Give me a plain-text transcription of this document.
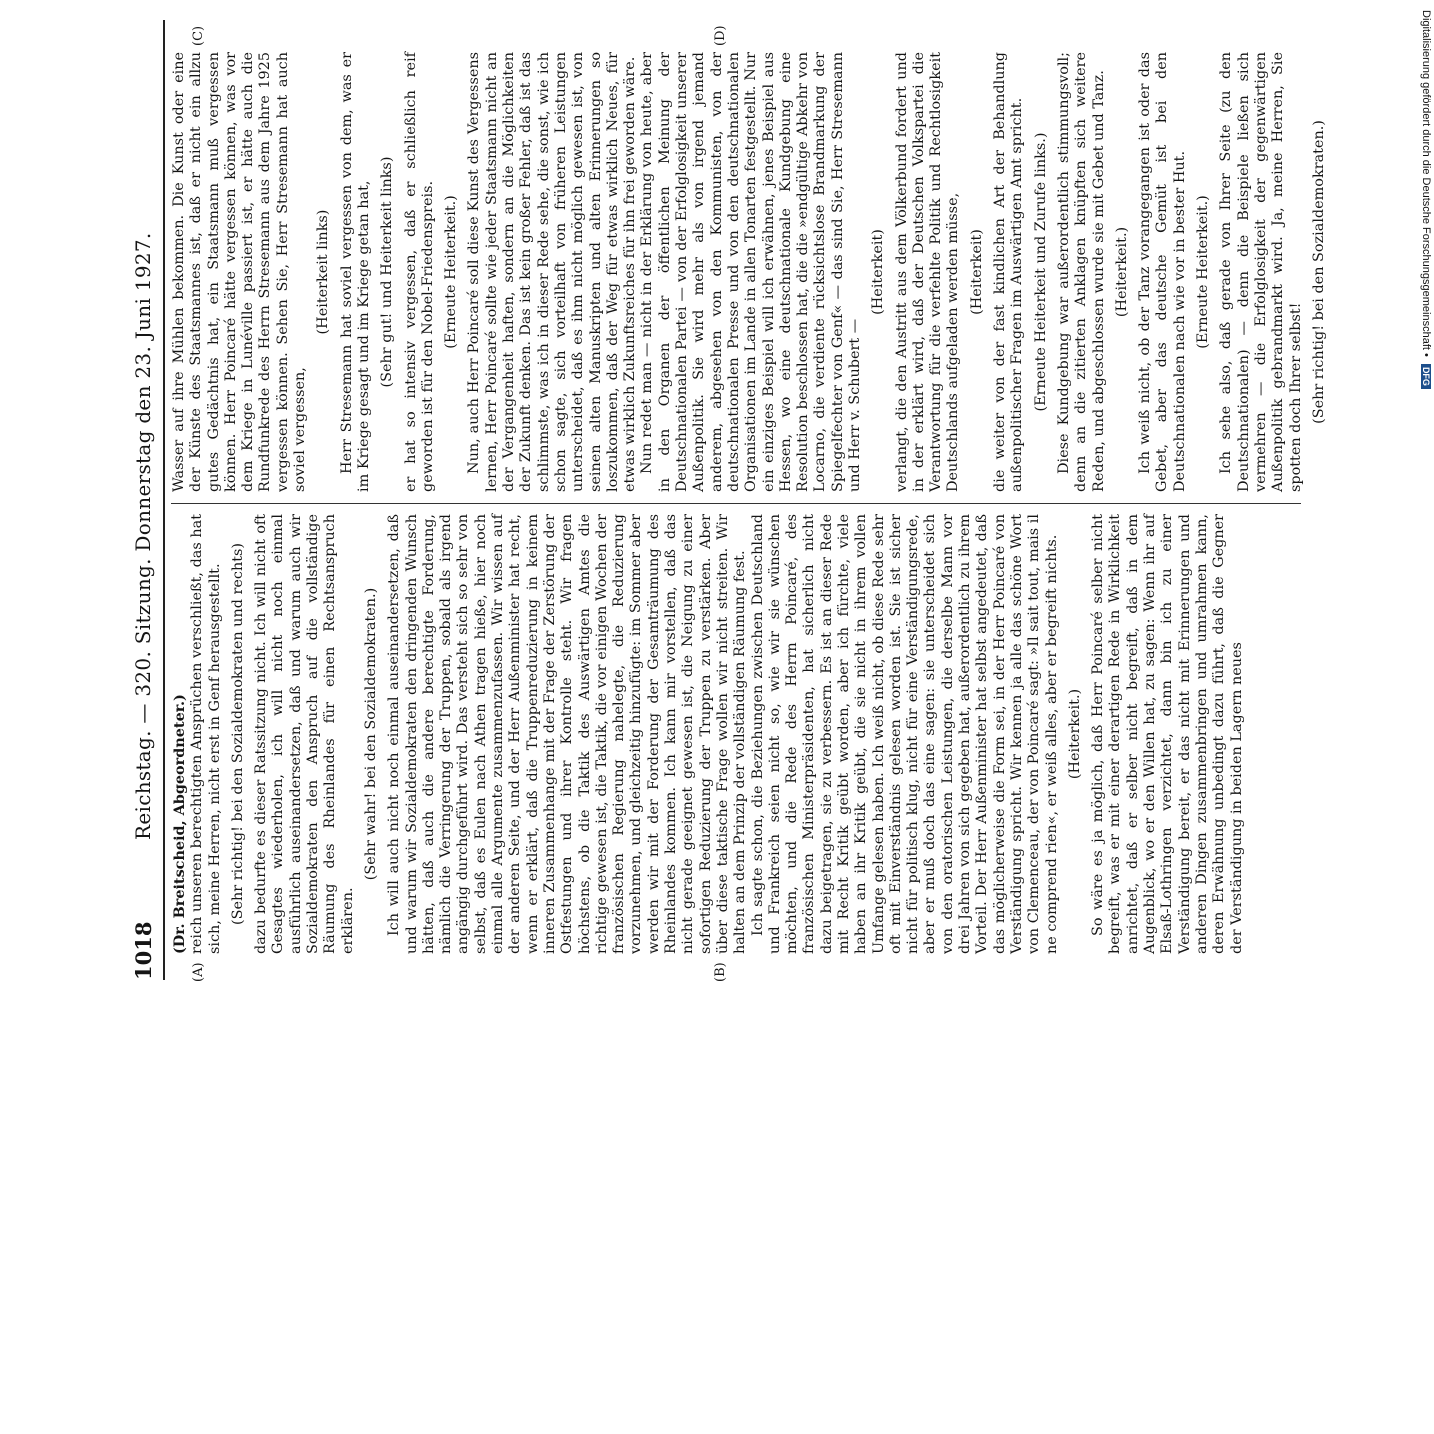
1018
Reichstag. — 320. Sitzung. Donnerstag den 23. Juni 1927.
(A)	(B)
(C)	(D)

(Dr. Breitscheid, Abgeordneter.) reich unseren berechtigten Ansprüchen verschließt, das hat sich, meine Herren, nicht erst in Genf herausgestellt. (Sehr richtig! bei den Sozialdemokraten und rechts) dazu bedurfte es dieser Ratssitzung nicht. Ich will nicht oft Gesagtes wiederholen, ich will nicht noch einmal ausführlich auseinandersetzen, daß und warum auch wir Sozialdemokraten den Anspruch auf die vollständige Räumung des Rheinlandes für einen Rechtsanspruch erklären.

(Sehr wahr! bei den Sozialdemokraten.) Ich will auch nicht noch einmal auseinandersetzen, daß und warum wir Sozialdemokraten den dringenden Wunsch hätten, daß auch die andere berechtigte Forderung, nämlich die Verringerung der Truppen, sobald als irgend angängig durchgeführt wird. Das versteht sich so sehr von selbst, daß es Eulen nach Athen tragen hieße, hier noch einmal alle Argumente zusammenzufassen. Wir wissen auf der anderen Seite, und der Herr Außenminister hat recht, wenn er erklärt, daß die Truppenreduzierung in keinem inneren Zusammenhange mit der Frage der Zerstörung der Ostfestungen und ihrer Kontrolle steht. Wir fragen höchstens, ob die Taktik des Auswärtigen Amtes die richtige gewesen ist, die Taktik, die vor einigen Wochen der französischen Regierung nahelegte, die Reduzierung vorzunehmen, und gleichzeitig hinzufügte: im Sommer aber werden wir mit der Forderung der Gesamträumung des Rheinlandes kommen. Ich kann mir vorstellen, daß das nicht gerade geeignet gewesen ist, die Neigung zu einer sofortigen Reduzierung der Truppen zu verstärken. Aber über diese taktische Frage wollen wir nicht streiten. Wir halten an dem Prinzip der vollständigen Räumung fest. Ich sagte schon, die Beziehungen zwischen Deutschland und Frankreich seien nicht so, wie wir sie wünschen möchten, und die Rede des Herrn Poincaré, des französischen Ministerpräsidenten, hat sicherlich nicht dazu beigetragen, sie zu verbessern. Es ist an dieser Rede mit Recht Kritik geübt worden, aber ich fürchte, viele haben an ihr Kritik geübt, die sie nicht in ihrem vollen Umfange gelesen haben. Ich weiß nicht, ob diese Rede sehr oft mit Einverständnis gelesen worden ist. Sie ist sicher nicht für politisch klug, nicht für eine Verständigungsrede, aber er muß doch das eine sagen: sie unterscheidet sich von den oratorischen Leistungen, die derselbe Mann vor drei Jahren von sich gegeben hat, außerordentlich zu ihrem Vorteil. Der Herr Außenminister hat selbst angedeutet, daß das möglicherweise die Form sei, in der Herr Poincaré von Verständigung spricht. Wir kennen ja alle das schöne Wort von Clemenceau, der von Poincaré sagt: »Il sait tout, mais il ne comprend rien«, er weiß alles, aber er begreift nichts. (Heiterkeit.) So wäre es ja möglich, daß Herr Poincaré selber nicht begreift, was er mit einer derartigen Rede in Wirklichkeit anrichtet, daß er selber nicht begreift, daß in dem Augenblick, wo er den Willen hat, zu sagen: Wenn ihr auf Elsaß-Lothringen verzichtet, dann bin ich zu einer Verständigung bereit, er das nicht mit Erinnerungen und anderen Dingen zusammenbringen und umrahmen kann, deren Erwähnung unbedingt dazu führt, daß die Gegner der Verständigung in beiden Lagern neues

Wasser auf ihre Mühlen bekommen. Die Kunst oder eine der Künste des Staatsmannes ist, daß er nicht ein allzu gutes Gedächtnis hat, ein Staatsmann muß vergessen können. Herr Poincaré hätte vergessen können, was vor dem Kriege in Lunéville passiert ist, er hätte auch die Rundfunkrede des Herrn Stresemann aus dem Jahre 1925 vergessen können. Sehen Sie, Herr Stresemann hat auch soviel vergessen,

(Heiterkeit links) Herr Stresemann hat soviel vergessen von dem, was er im Kriege gesagt und im Kriege getan hat, (Sehr gut! und Heiterkeit links) er hat so intensiv vergessen, daß er schließlich reif geworden ist für den Nobel-Friedenspreis. (Erneute Heiterkeit.) Nun, auch Herr Poincaré soll diese Kunst des Vergessens lernen, Herr Poincaré sollte wie jeder Staatsmann nicht an der Vergangenheit haften, sondern an die Möglichkeiten der Zukunft denken. Das ist kein großer Fehler, daß ist das schlimmste, was ich in dieser Rede sehe, die sonst, wie ich schon sagte, sich vorteilhaft von früheren Leistungen unterscheidet, daß es ihm nicht möglich gewesen ist, von seinen alten Manuskripten und alten Erinnerungen so loszukommen, daß der Weg für etwas wirklich Neues, für etwas wirklich Zukunftsreiches für ihn frei geworden wäre. Nun redet man — nicht in der Erklärung von heute, aber in den Organen der öffentlichen Meinung der Deutschnationalen Partei — von der Erfolglosigkeit unserer Außenpolitik. Sie wird mehr als von irgend jemand anderem, abgesehen von den Kommunisten, von der deutschnationalen Presse und von den deutschnationalen Organisationen im Lande in allen Tonarten festgestellt. Nur ein einziges Beispiel will ich erwähnen, jenes Beispiel aus Hessen, wo eine deutschnationale Kundgebung eine Resolution beschlossen hat, die die »endgültige Abkehr von Locarno, die verdiente rücksichtslose Brandmarkung der Spiegelfechter von Genf« — das sind Sie, Herr Stresemann und Herr v. Schubert —

(Heiterkeit) verlangt, die den Austritt aus dem Völkerbund fordert und in der erklärt wird, daß der Deutschen Volkspartei die Verantwortung für die verfehlte Politik und Rechtlosigkeit Deutschlands aufgeladen werden müsse, (Heiterkeit) die weiter von der fast kindlichen Art der Behandlung außenpolitischer Fragen im Auswärtigen Amt spricht. (Erneute Heiterkeit und Zurufe links.) Diese Kundgebung war außerordentlich stimmungsvoll; denn an die zitierten Anklagen knüpften sich weitere Reden, und abgeschlossen wurde sie mit Gebet und Tanz. (Heiterkeit.) Ich weiß nicht, ob der Tanz vorangegangen ist oder das Gebet, aber das deutsche Gemüt ist bei den Deutschnationalen nach wie vor in bester Hut. (Erneute Heiterkeit.) Ich sehe also, daß gerade von Ihrer Seite (zu den Deutschnationalen) — denn die Beispiele ließen sich vermehren — die Erfolglosigkeit der gegenwärtigen Außenpolitik gebrandmarkt wird. Ja, meine Herren, Sie spotten doch Ihrer selbst! (Sehr richtig! bei den Sozialdemokraten.)	Digitalisierung gefördert durch die Deutsche Forschungsgemeinschaft • DFG
